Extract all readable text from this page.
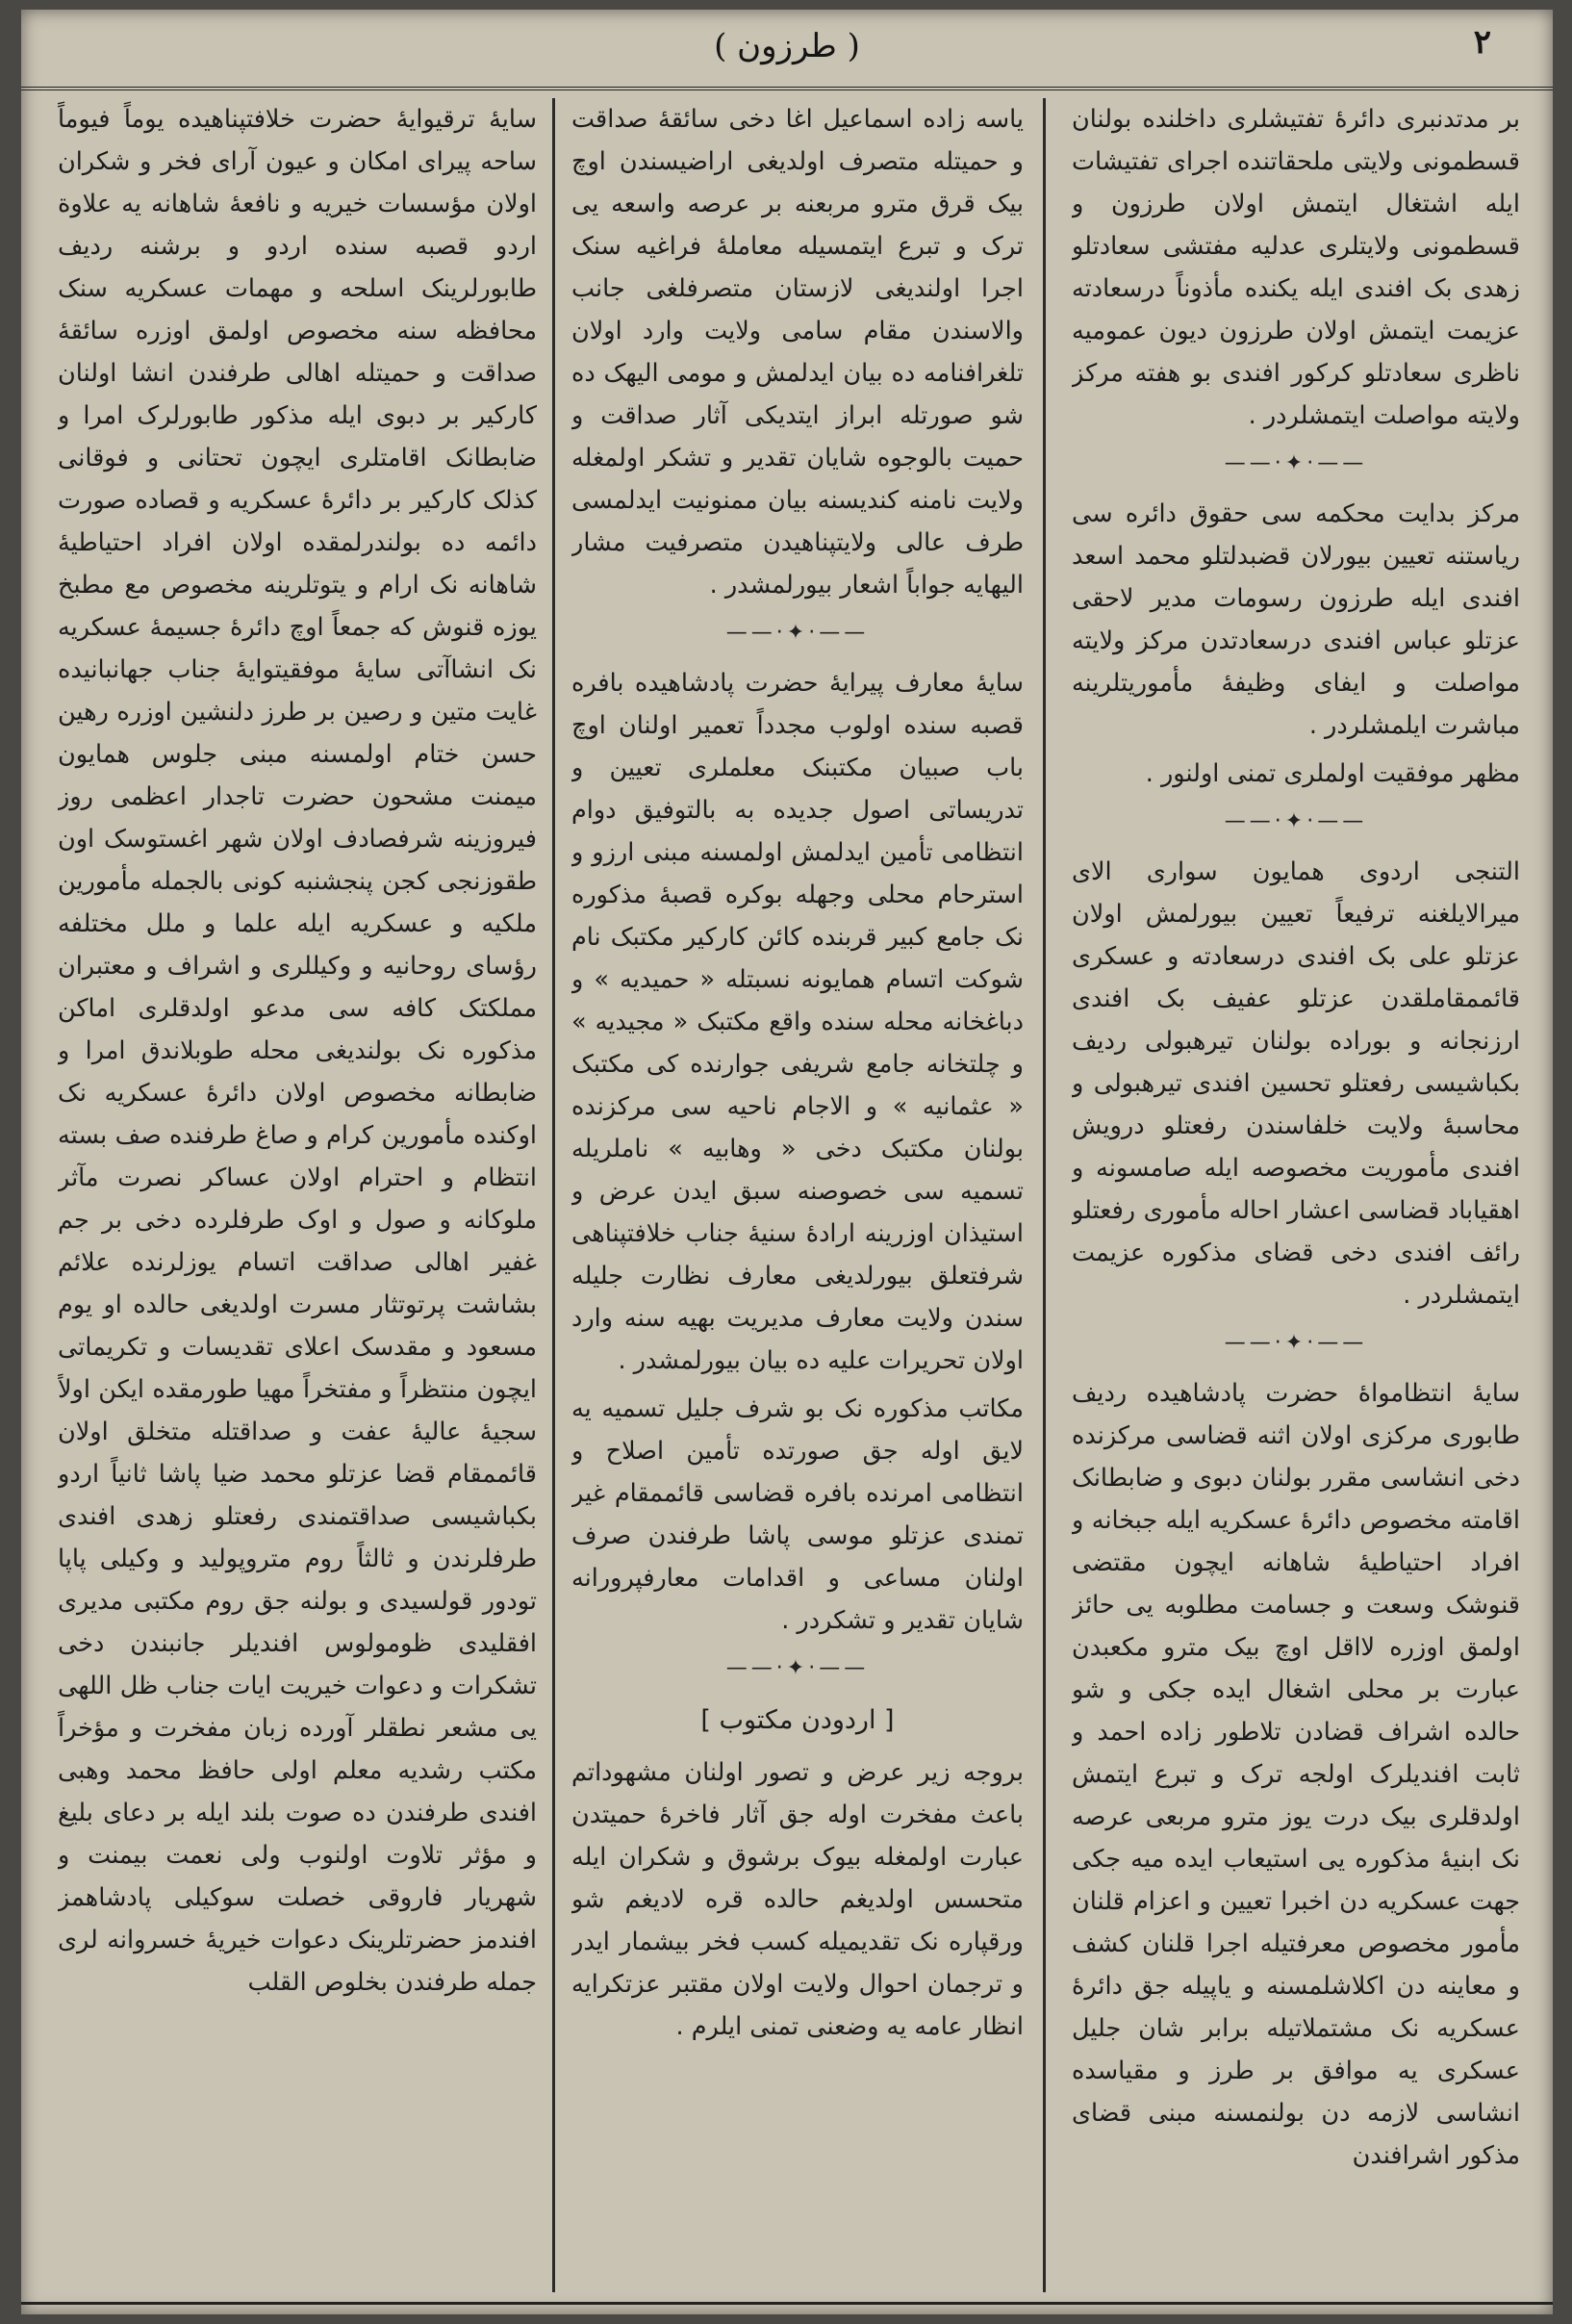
٢
( طرزون )

بر مدتدنبری دائرۀ تفتیشلری داخلنده بولنان قسطمونی ولایتی ملحقاتنده اجرای تفتیشات ایله اشتغال ایتمش اولان طرزون و قسطمونی ولایتلری عدلیه مفتشی سعادتلو زهدی بک افندی ایله یکنده مأذوناً درسعادته عزیمت ایتمش اولان طرزون دیون عمومیه ناظری سعادتلو کرکور افندی بو هفته مرکز ولایته مواصلت ایتمشلردر .

——·✦·——

مرکز بدایت محکمه سی حقوق دائره سی ریاستنه تعیین بیورلان قضبدلتلو محمد اسعد افندی ایله طرزون رسومات مدیر لاحقی عزتلو عباس افندی درسعادتدن مرکز ولایته مواصلت و ایفای وظیفۀ مأموریتلرینه مباشرت ایلمشلردر .

مظهر موفقیت اولملری تمنی اولنور .

——·✦·——

التنجی اردوی همایون سواری الای میرالایلغنه ترفیعاً تعیین بیورلمش اولان عزتلو علی بک افندی درسعادته و عسکری قائممقاملقدن عزتلو عفیف بک افندی ارزنجانه و بوراده بولنان تیرهبولی ردیف بکباشیسی رفعتلو تحسین افندی تیرهبولی و محاسبۀ ولایت خلفاسندن رفعتلو درویش افندی مأموریت مخصوصه ایله صامسونه و اهقیاباد قضاسی اعشار احاله مأموری رفعتلو رائف افندی دخی قضای مذکوره عزیمت ایتمشلردر .

——·✦·——

سایۀ انتظامواۀ حضرت پادشاهیده ردیف طابوری مرکزی اولان اثنه قضاسی مرکزنده دخی انشاسی مقرر بولنان دبوی و ضابطانک اقامته مخصوص دائرۀ عسکریه ایله جبخانه و افراد احتیاطیۀ شاهانه ایچون مقتضی قنوشک وسعت و جسامت مطلوبه یی حائز اولمق اوزره لااقل اوچ بیک مترو مکعبدن عبارت بر محلی اشغال ایده جکی و شو حالده اشراف قضادن تلاطور زاده احمد و ثابت افندیلرک اولجه ترک و تبرع ایتمش اولدقلری بیک درت یوز مترو مربعی عرصه نک ابنیۀ مذکوره یی استیعاب ایده میه جکی جهت عسکریه دن اخبرا تعیین و اعزام قلنان مأمور مخصوص معرفتیله اجرا قلنان کشف و معاینه دن اکلاشلمسنه و یاپیله جق دائرۀ عسکریه نک مشتملاتیله برابر شان جلیل عسکری یه موافق بر طرز و مقیاسده انشاسی لازمه دن بولنمسنه مبنی قضای مذکور اشرافندن

یاسه زاده اسماعیل اغا دخی سائقۀ صداقت و حمیتله متصرف اولدیغی اراضیسندن اوچ بیک قرق مترو مربعنه بر عرصه واسعه یی ترک و تبرع ایتمسیله معاملۀ فراغیه سنک اجرا اولندیغی لازستان متصرفلغی جانب والاسندن مقام سامی ولایت وارد اولان تلغرافنامه ده بیان ایدلمش و مومی الیهک ده شو صورتله ابراز ایتدیکی آثار صداقت و حمیت بالوجوه شایان تقدیر و تشکر اولمغله ولایت نامنه کندیسنه بیان ممنونیت ایدلمسی طرف عالی ولایتپناهیدن متصرفیت مشار الیهایه جواباً اشعار بیورلمشدر .

——·✦·——

سایۀ معارف پیرایۀ حضرت پادشاهیده بافره قصبه سنده اولوب مجدداً تعمیر اولنان اوچ باب صبیان مکتبنک معلملری تعیین و تدریساتی اصول جدیده به بالتوفیق دوام انتظامی تأمین ایدلمش اولمسنه مبنی ارزو و استرحام محلی وجهله بوکره قصبۀ مذکوره نک جامع کبیر قربنده کائن کارکیر مکتبک نام شوکت اتسام همایونه نسبتله « حمیدیه » و دباغخانه محله سنده واقع مکتبک « مجیدیه » و چلتخانه جامع شریفی جوارنده کی مکتبک « عثمانیه » و الاجام ناحیه سی مرکزنده بولنان مکتبک دخی « وهابیه » ناملریله تسمیه سی خصوصنه سبق ایدن عرض و استیذان اوزرینه ارادۀ سنیۀ جناب خلافتپناهی شرفتعلق بیورلدیغی معارف نظارت جلیله سندن ولایت معارف مدیریت بهیه سنه وارد اولان تحریرات علیه ده بیان بیورلمشدر .

مکاتب مذکوره نک بو شرف جلیل تسمیه یه لایق اوله جق صورتده تأمین اصلاح و انتظامی امرنده بافره قضاسی قائممقام غیر تمندی عزتلو موسی پاشا طرفندن صرف اولنان مساعی و اقدامات معارفپرورانه شایان تقدیر و تشکردر .

——·✦·——
[ اردودن مکتوب ]

بروجه زیر عرض و تصور اولنان مشهوداتم باعث مفخرت اوله جق آثار فاخرۀ حمیتدن عبارت اولمغله بیوک برشوق و شکران ایله متحسس اولدیغم حالده قره لادیغم شو ورقپاره نک تقدیمیله کسب فخر بیشمار ایدر و ترجمان احوال ولایت اولان مقتبر عزتکرایه انظار عامه یه وضعنی تمنی ایلرم .

سایۀ ترقیوایۀ حضرت خلافتپناهیده یوماً فیوماً ساحه پیرای امکان و عیون آرای فخر و شکران اولان مؤسسات خیریه و نافعۀ شاهانه یه علاوة اردو قصبه سنده اردو و برشنه ردیف طابورلرینک اسلحه و مهمات عسکریه سنک محافظه سنه مخصوص اولمق اوزره سائقۀ صداقت و حمیتله اهالی طرفندن انشا اولنان کارکیر بر دبوی ایله مذکور طابورلرک امرا و ضابطانک اقامتلری ایچون تحتانی و فوقانی کذلک کارکیر بر دائرۀ عسکریه و قصاده صورت دائمه ده بولندرلمقده اولان افراد احتیاطیۀ شاهانه نک ارام و یتوتلرینه مخصوص مع مطبخ یوزه قنوش که جمعاً اوچ دائرۀ جسیمۀ عسکریه نک انشاآتی سایۀ موفقیتوایۀ جناب جهانبانیده غایت متین و رصین بر طرز دلنشین اوزره رهین حسن ختام اولمسنه مبنی جلوس همایون میمنت مشحون حضرت تاجدار اعظمی روز فیروزینه شرفصادف اولان شهر اغستوسک اون طقوزنجی کجن پنجشنبه کونی بالجمله مأمورین ملکیه و عسکریه ایله علما و ملل مختلفه رؤسای روحانیه و وکیللری و اشراف و معتبران مملکتک کافه سی مدعو اولدقلری اماکن مذکوره نک بولندیغی محله طوبلاندق امرا و ضابطانه مخصوص اولان دائرۀ عسکریه نک اوکنده مأمورین کرام و صاغ طرفنده صف بسته انتظام و احترام اولان عساکر نصرت مآثر ملوکانه و صول و اوک طرفلرده دخی بر جم غفیر اهالی صداقت اتسام یوزلرنده علائم بشاشت پرتوتثار مسرت اولدیغی حالده او یوم مسعود و مقدسک اعلای تقدیسات و تکریماتی ایچون منتظراً و مفتخراً مهیا طورمقده ایکن اولاً سجیۀ عالیۀ عفت و صداقتله متخلق اولان قائممقام قضا عزتلو محمد ضیا پاشا ثانیاً اردو بکباشیسی صداقتمندی رفعتلو زهدی افندی طرفلرندن و ثالثاً روم متروپولید و وکیلی پاپا تودور قولسیدی و بولنه جق روم مکتبی مدیری افقلیدی ظومولوس افندیلر جانبندن دخی تشکرات و دعوات خیریت ایات جناب ظل اللهی یی مشعر نطقلر آورده زبان مفخرت و مؤخراً مکتب رشدیه معلم اولی حافظ محمد وهبی افندی طرفندن ده صوت بلند ایله بر دعای بلیغ و مؤثر تلاوت اولنوب ولی نعمت بیمنت و شهریار فاروقی خصلت سوکیلی پادشاهمز افندمز حضرتلرینک دعوات خیریۀ خسروانه لری جمله طرفندن بخلوص القلب
